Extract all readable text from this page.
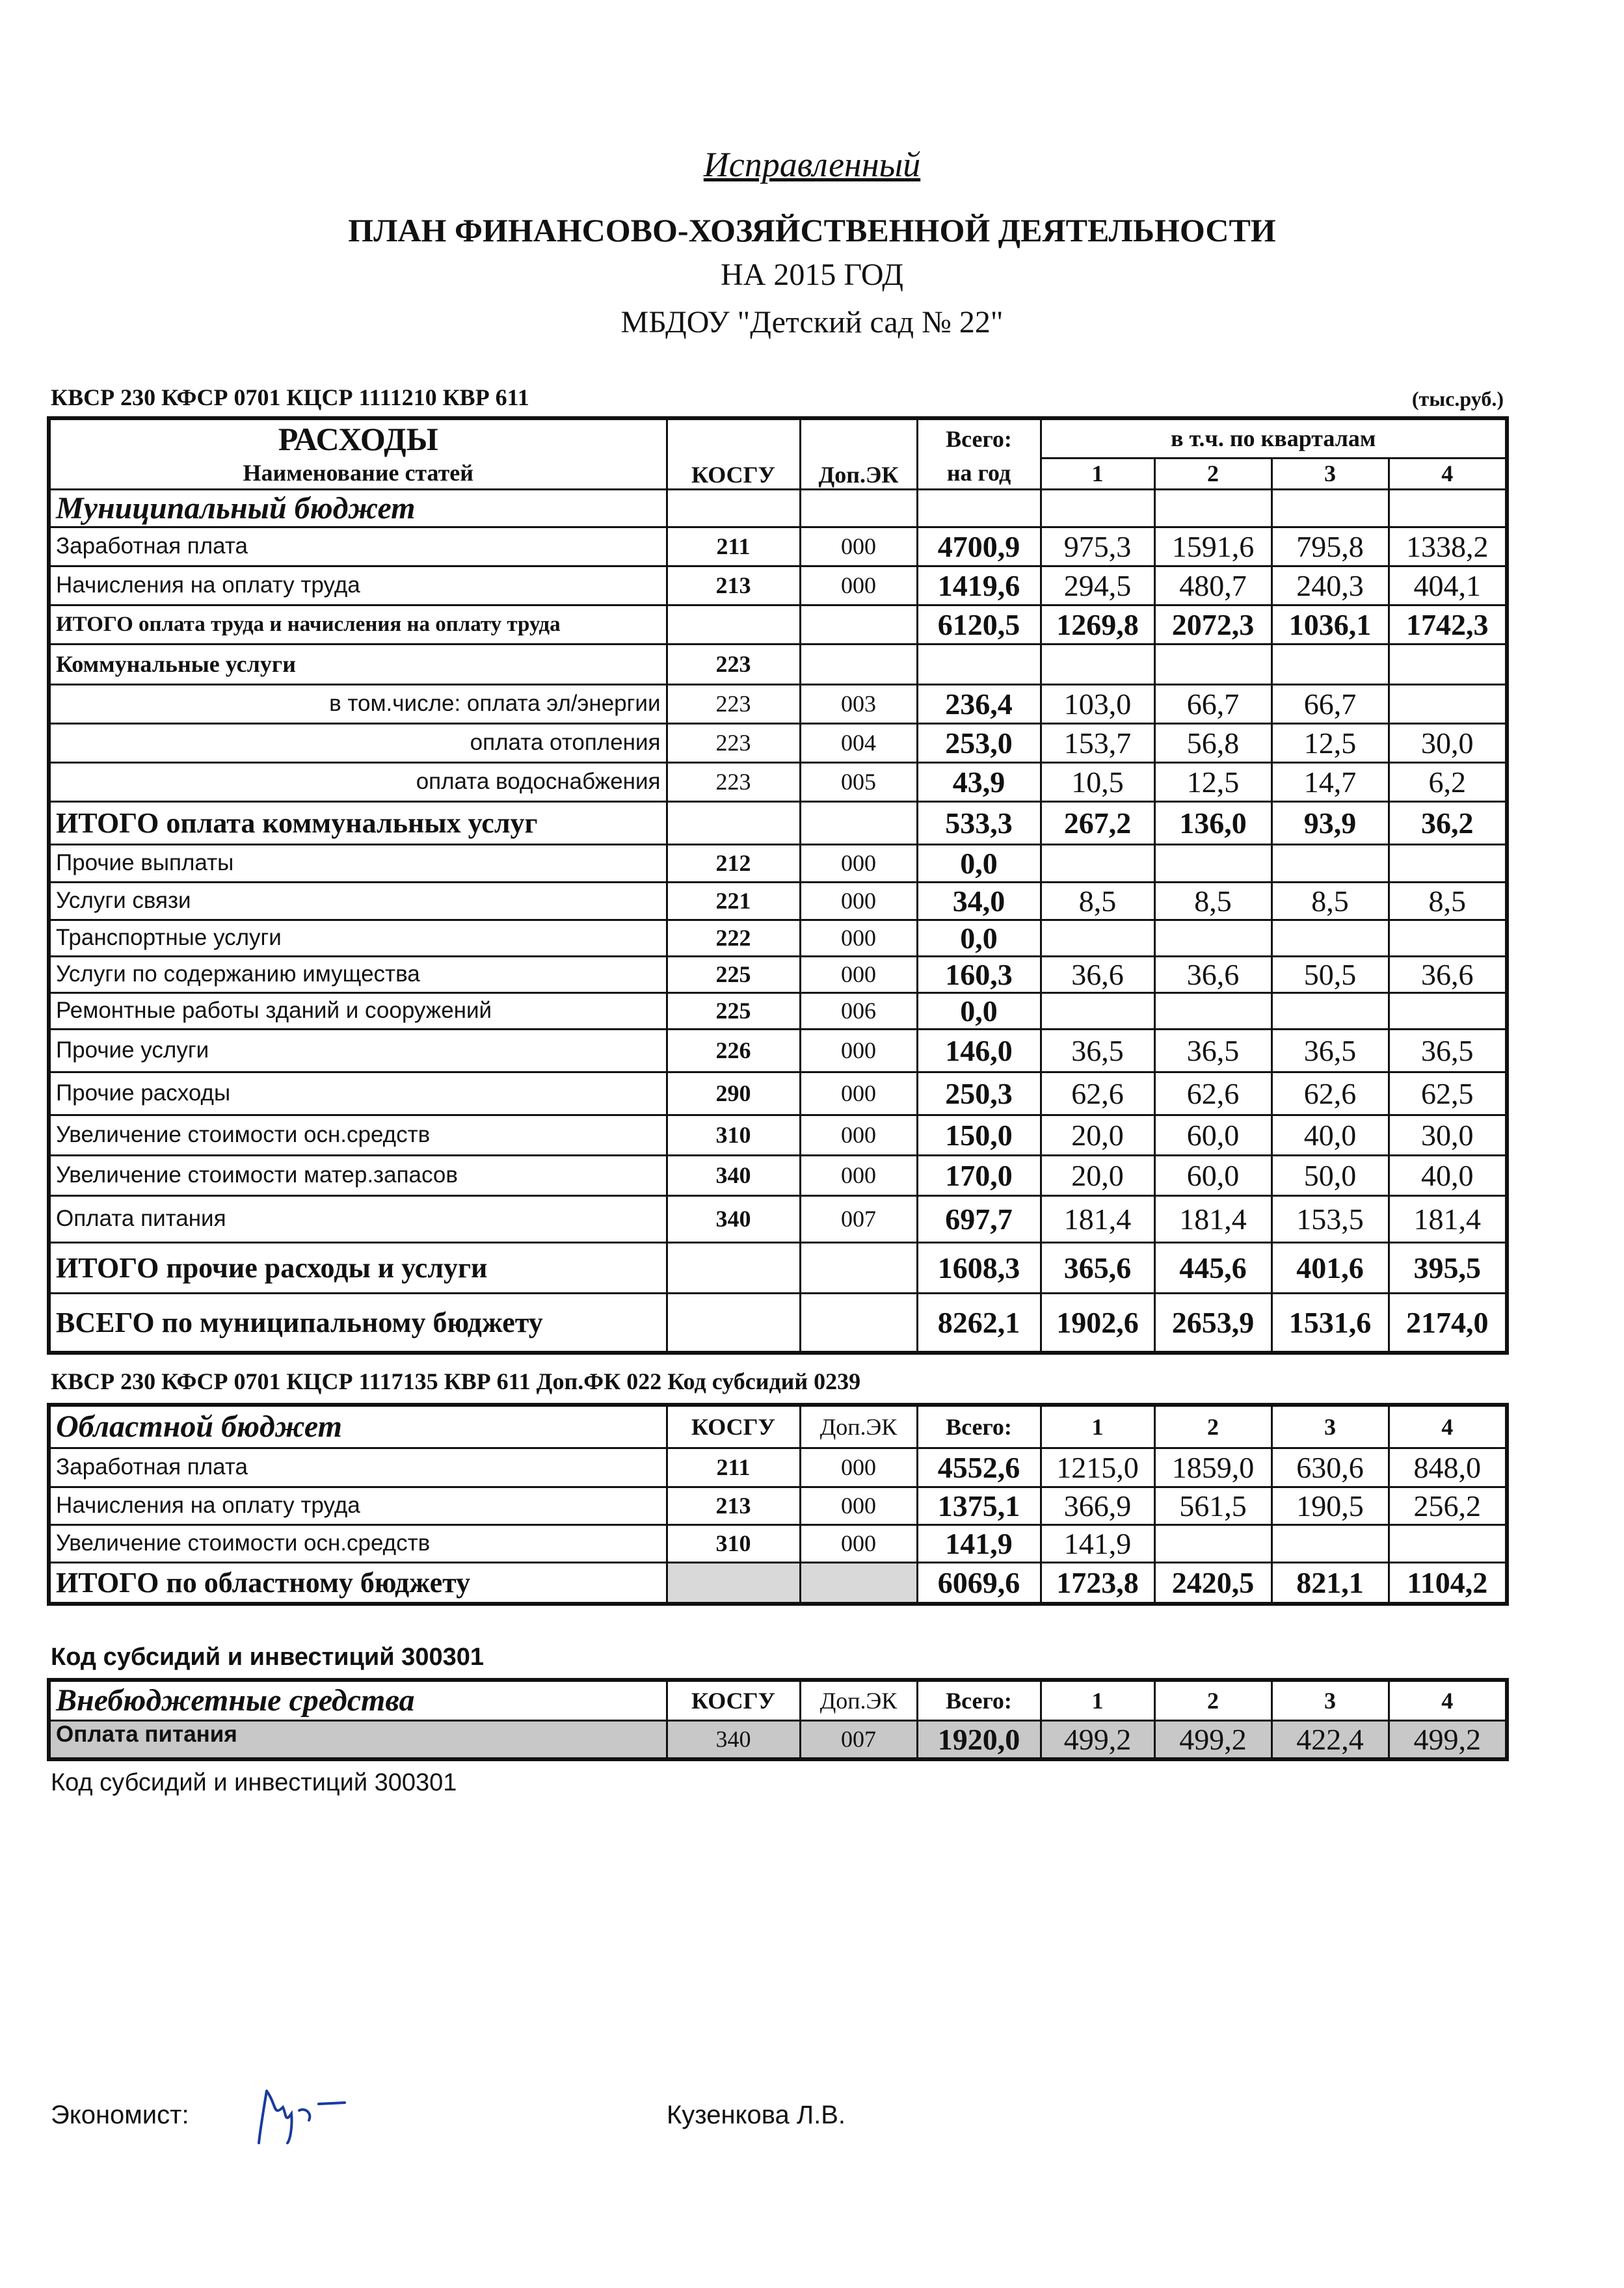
Исправленный
ПЛАН ФИНАНСОВО-ХОЗЯЙСТВЕННОЙ ДЕЯТЕЛЬНОСТИ
НА 2015 ГОД
МБДОУ "Детский сад № 22"
КВСР 230 КФСР 0701 КЦСР 1111210 КВР 611	(тыс.руб.)
РАСХОДЫ	КОСГУ	Доп.ЭК	Всего:	в т.ч. по кварталам			
Наименование статей			на год	1	2	3	4
Муниципальный бюджет							
Заработная плата	211	000	4700,9	975,3	1591,6	795,8	1338,2
Начисления на оплату труда	213	000	1419,6	294,5	480,7	240,3	404,1
ИТОГО оплата труда и начисления на оплату труда			6120,5	1269,8	2072,3	1036,1	1742,3
Коммунальные услуги	223						
в том.числе: оплата эл/энергии	223	003	236,4	103,0	66,7	66,7	
оплата отопления	223	004	253,0	153,7	56,8	12,5	30,0
оплата водоснабжения	223	005	43,9	10,5	12,5	14,7	6,2
ИТОГО оплата коммунальных услуг			533,3	267,2	136,0	93,9	36,2
Прочие выплаты	212	000	0,0				
Услуги связи	221	000	34,0	8,5	8,5	8,5	8,5
Транспортные услуги	222	000	0,0				
Услуги по содержанию имущества	225	000	160,3	36,6	36,6	50,5	36,6
Ремонтные работы зданий и сооружений	225	006	0,0				
Прочие услуги	226	000	146,0	36,5	36,5	36,5	36,5
Прочие расходы	290	000	250,3	62,6	62,6	62,6	62,5
Увеличение стоимости осн.средств	310	000	150,0	20,0	60,0	40,0	30,0
Увеличение стоимости матер.запасов	340	000	170,0	20,0	60,0	50,0	40,0
Оплата питания	340	007	697,7	181,4	181,4	153,5	181,4
ИТОГО прочие расходы и услуги			1608,3	365,6	445,6	401,6	395,5
ВСЕГО по муниципальному бюджету			8262,1	1902,6	2653,9	1531,6	2174,0
КВСР 230 КФСР 0701 КЦСР 1117135 КВР 611 Доп.ФК 022 Код субсидий 0239
Областной бюджет	КОСГУ	Доп.ЭК	Всего:	1	2	3	4
Заработная плата	211	000	4552,6	1215,0	1859,0	630,6	848,0
Начисления на оплату труда	213	000	1375,1	366,9	561,5	190,5	256,2
Увеличение стоимости осн.средств	310	000	141,9	141,9			
ИТОГО по областному бюджету			6069,6	1723,8	2420,5	821,1	1104,2
Код субсидий и инвестиций 300301
Внебюджетные средства	КОСГУ	Доп.ЭК	Всего:	1	2	3	4
Оплата питания	340	007	1920,0	499,2	499,2	422,4	499,2
Код субсидий и инвестиций 300301
Экономист:	Кузенкова Л.В.
